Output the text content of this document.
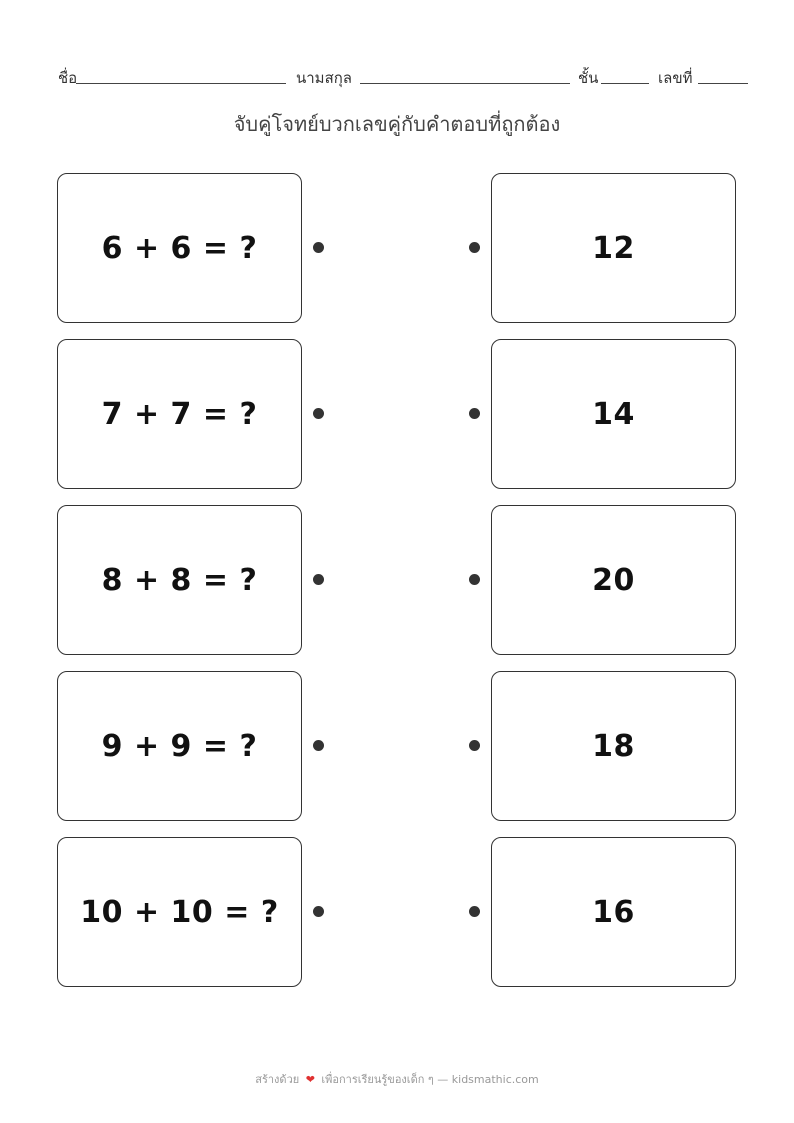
ชื่อ	นามสกุล	ชั้น	เลขที่
จับคู่โจทย์บวกเลขคู่กับคำตอบที่ถูกต้อง
6 + 6 = ?	12
7 + 7 = ?	14
8 + 8 = ?	20
9 + 9 = ?	18
10 + 10 = ?	16
สร้างด้วย ❤ เพื่อการเรียนรู้ของเด็ก ๆ — kidsmathic.com
